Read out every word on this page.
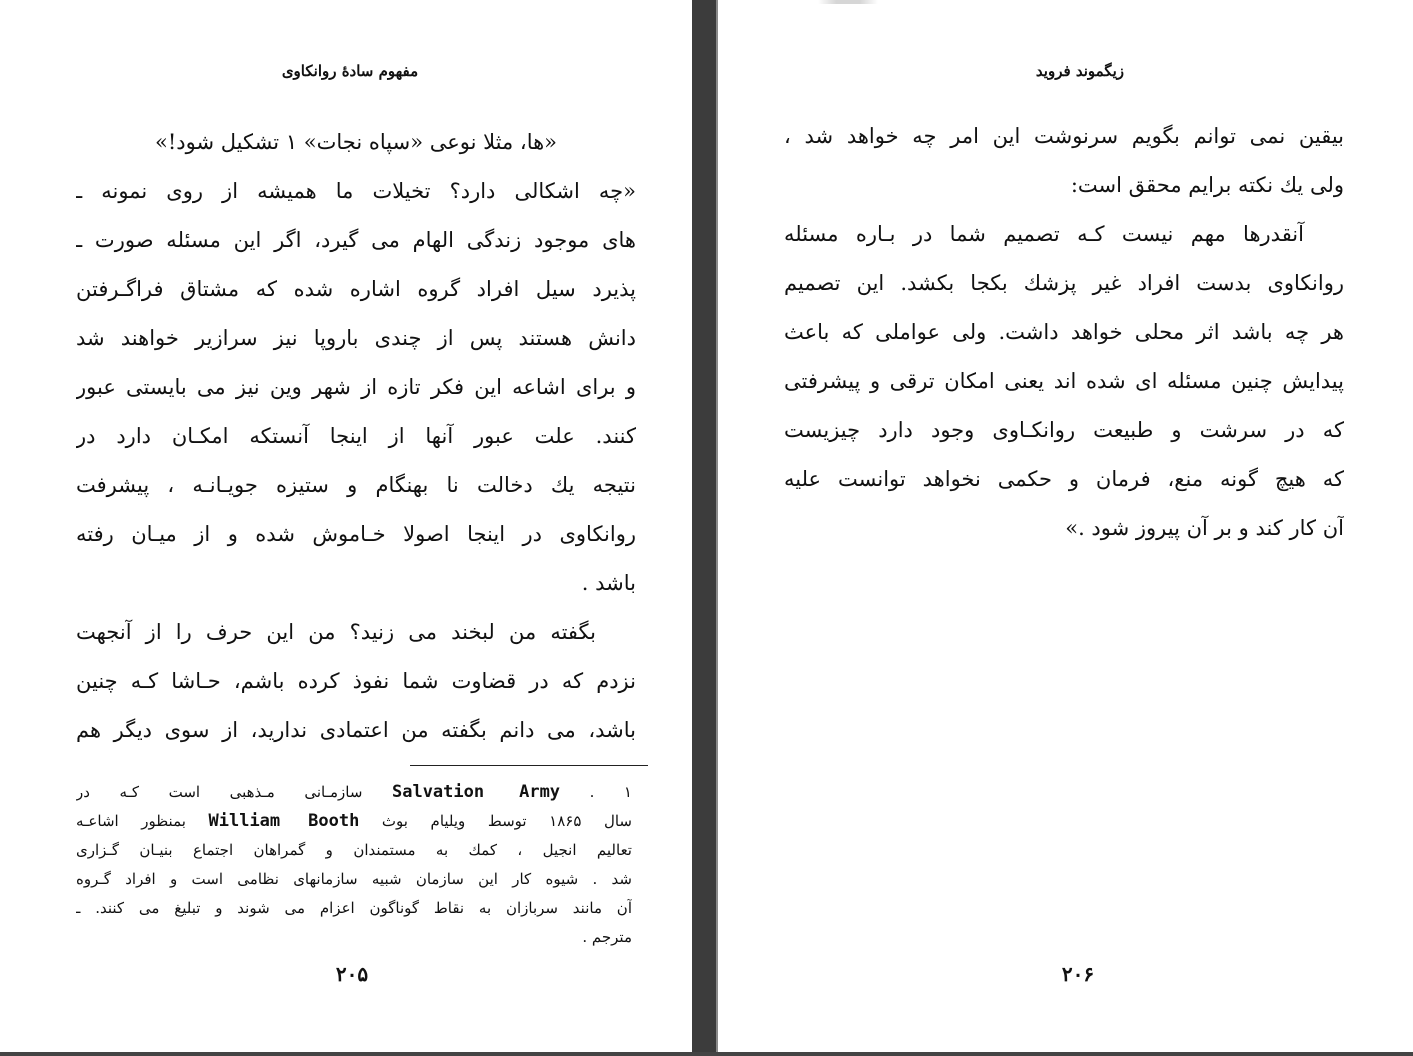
مفهوم سادهٔ روانکاوی
«ها، مثلا نوعی «سپاه نجات» ۱ تشکیل شود!»
«چه اشکالی دارد؟ تخیلات ما همیشه از روی نمونه ـ
های موجود زندگی الهام می گیرد، اگر این مسئله صورت ـ
پذیرد سیل افراد گروه اشاره شده که مشتاق فراگـرفتن
دانش هستند پس از چندی باروپا نیز سرازیر خواهند شد
و برای اشاعه این فکر تازه از شهر وین نیز می بایستی عبور
کنند. علت عبور آنها از اینجا آنستکه امکـان دارد در
نتیجه یك دخالت نا بهنگام و ستیزه جویـانـه ، پیشرفت
روانکاوی در اینجا اصولا خـاموش شده و از میـان رفته
باشد .
بگفته من لبخند می زنید؟ من این حرف را از آنجهت
نزدم که در قضاوت شما نفوذ کرده باشم، حـاشا کـه چنین
باشد، می دانم بگفته من اعتمادی ندارید، از سوی دیگر هم
۱ . Salvation Army سازمـانی مـذهبی است کـه در
سال ۱۸۶۵ توسط ویلیام بوث William Booth بمنظور اشاعـه
تعالیم انجیل ، کمك به مستمندان و گمراهان اجتماع بنیـان گـزاری
شد . شیوه کار این سازمان شبیه سازمانهای نظامی است و افراد گـروه
آن مانند سربازان به نقاط گوناگون اعزام می شوند و تبلیغ می کنند. ـ
مترجم .
۲۰۵
زیگموند فروید
بیقین نمی توانم بگویم سرنوشت این امر چه خواهد شد ،
ولی یك نکته برایم محقق است:
آنقدرها مهم نیست کـه تصمیم شما در بـاره مسئله
روانکاوی بدست افراد غیر پزشك بکجا بکشد. این تصمیم
هر چه باشد اثر محلی خواهد داشت. ولی عواملی که باعث
پیدایش چنین مسئله ای شده اند یعنی امکان ترقی و پیشرفتی
که در سرشت و طبیعت روانکـاوی وجود دارد چیزیست
که هیچ گونه منع، فرمان و حکمی نخواهد توانست علیه
آن کار کند و بر آن پیروز شود .»
۲۰۶
